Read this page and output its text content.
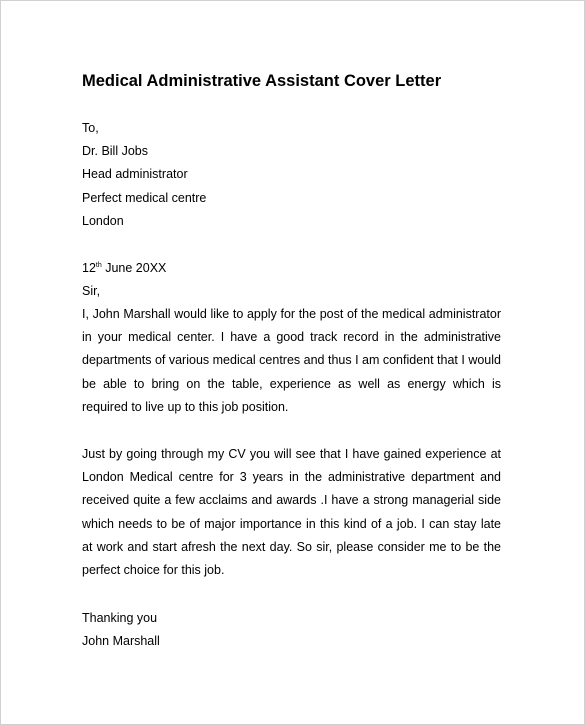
Medical Administrative Assistant Cover Letter
To,
Dr. Bill Jobs
Head administrator
Perfect medical centre
London
12th June 20XX
Sir,
I, John Marshall would like to apply for the post of the medical administrator in your medical center. I have a good track record in the administrative departments of various medical centres and thus I am confident that I would be able to bring on the table, experience as well as energy which is required to live up to this job position.
Just by going through my CV you will see that I have gained experience at London Medical centre for 3 years in the administrative department and received quite a few acclaims and awards .I have a strong managerial side which needs to be of major importance in this kind of a job. I can stay late at work and start afresh the next day. So sir, please consider me to be the perfect choice for this job.
Thanking you
John Marshall
